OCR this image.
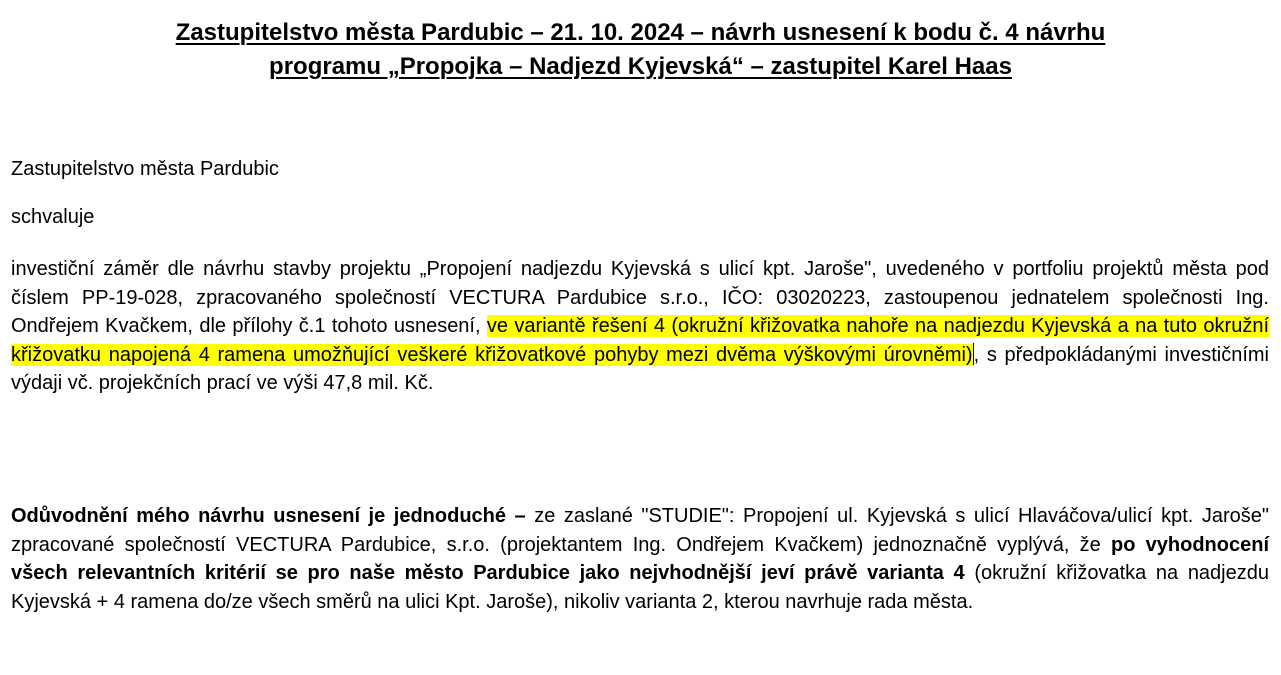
Zastupitelstvo města Pardubic – 21. 10. 2024 – návrh usnesení k bodu č. 4 návrhu
programu „Propojka – Nadjezd Kyjevská“ – zastupitel Karel Haas

Zastupitelstvo města Pardubic

schvaluje

investiční záměr dle návrhu stavby projektu „Propojení nadjezdu Kyjevská s ulicí kpt. Jaroše", uvedeného v portfoliu projektů města pod číslem PP-19-028, zpracovaného společností VECTURA Pardubice s.r.o., IČO: 03020223, zastoupenou jednatelem společnosti Ing. Ondřejem Kvačkem, dle přílohy č.1 tohoto usnesení, ve variantě řešení 4 (okružní křižovatka nahoře na nadjezdu Kyjevská a na tuto okružní křižovatku napojená 4 ramena umožňující veškeré křižovatkové pohyby mezi dvěma výškovými úrovněmi), s předpokládanými investičními výdaji vč. projekčních prací ve výši 47,8 mil. Kč.

Odůvodnění mého návrhu usnesení je jednoduché – ze zaslané "STUDIE": Propojení ul. Kyjevská s ulicí Hlaváčova/ulicí kpt. Jaroše" zpracované společností VECTURA Pardubice, s.r.o. (projektantem Ing. Ondřejem Kvačkem) jednoznačně vyplývá, že po vyhodnocení všech relevantních kritérií se pro naše město Pardubice jako nejvhodnější jeví právě varianta 4 (okružní křižovatka na nadjezdu Kyjevská + 4 ramena do/ze všech směrů na ulici Kpt. Jaroše), nikoliv varianta 2, kterou navrhuje rada města.
